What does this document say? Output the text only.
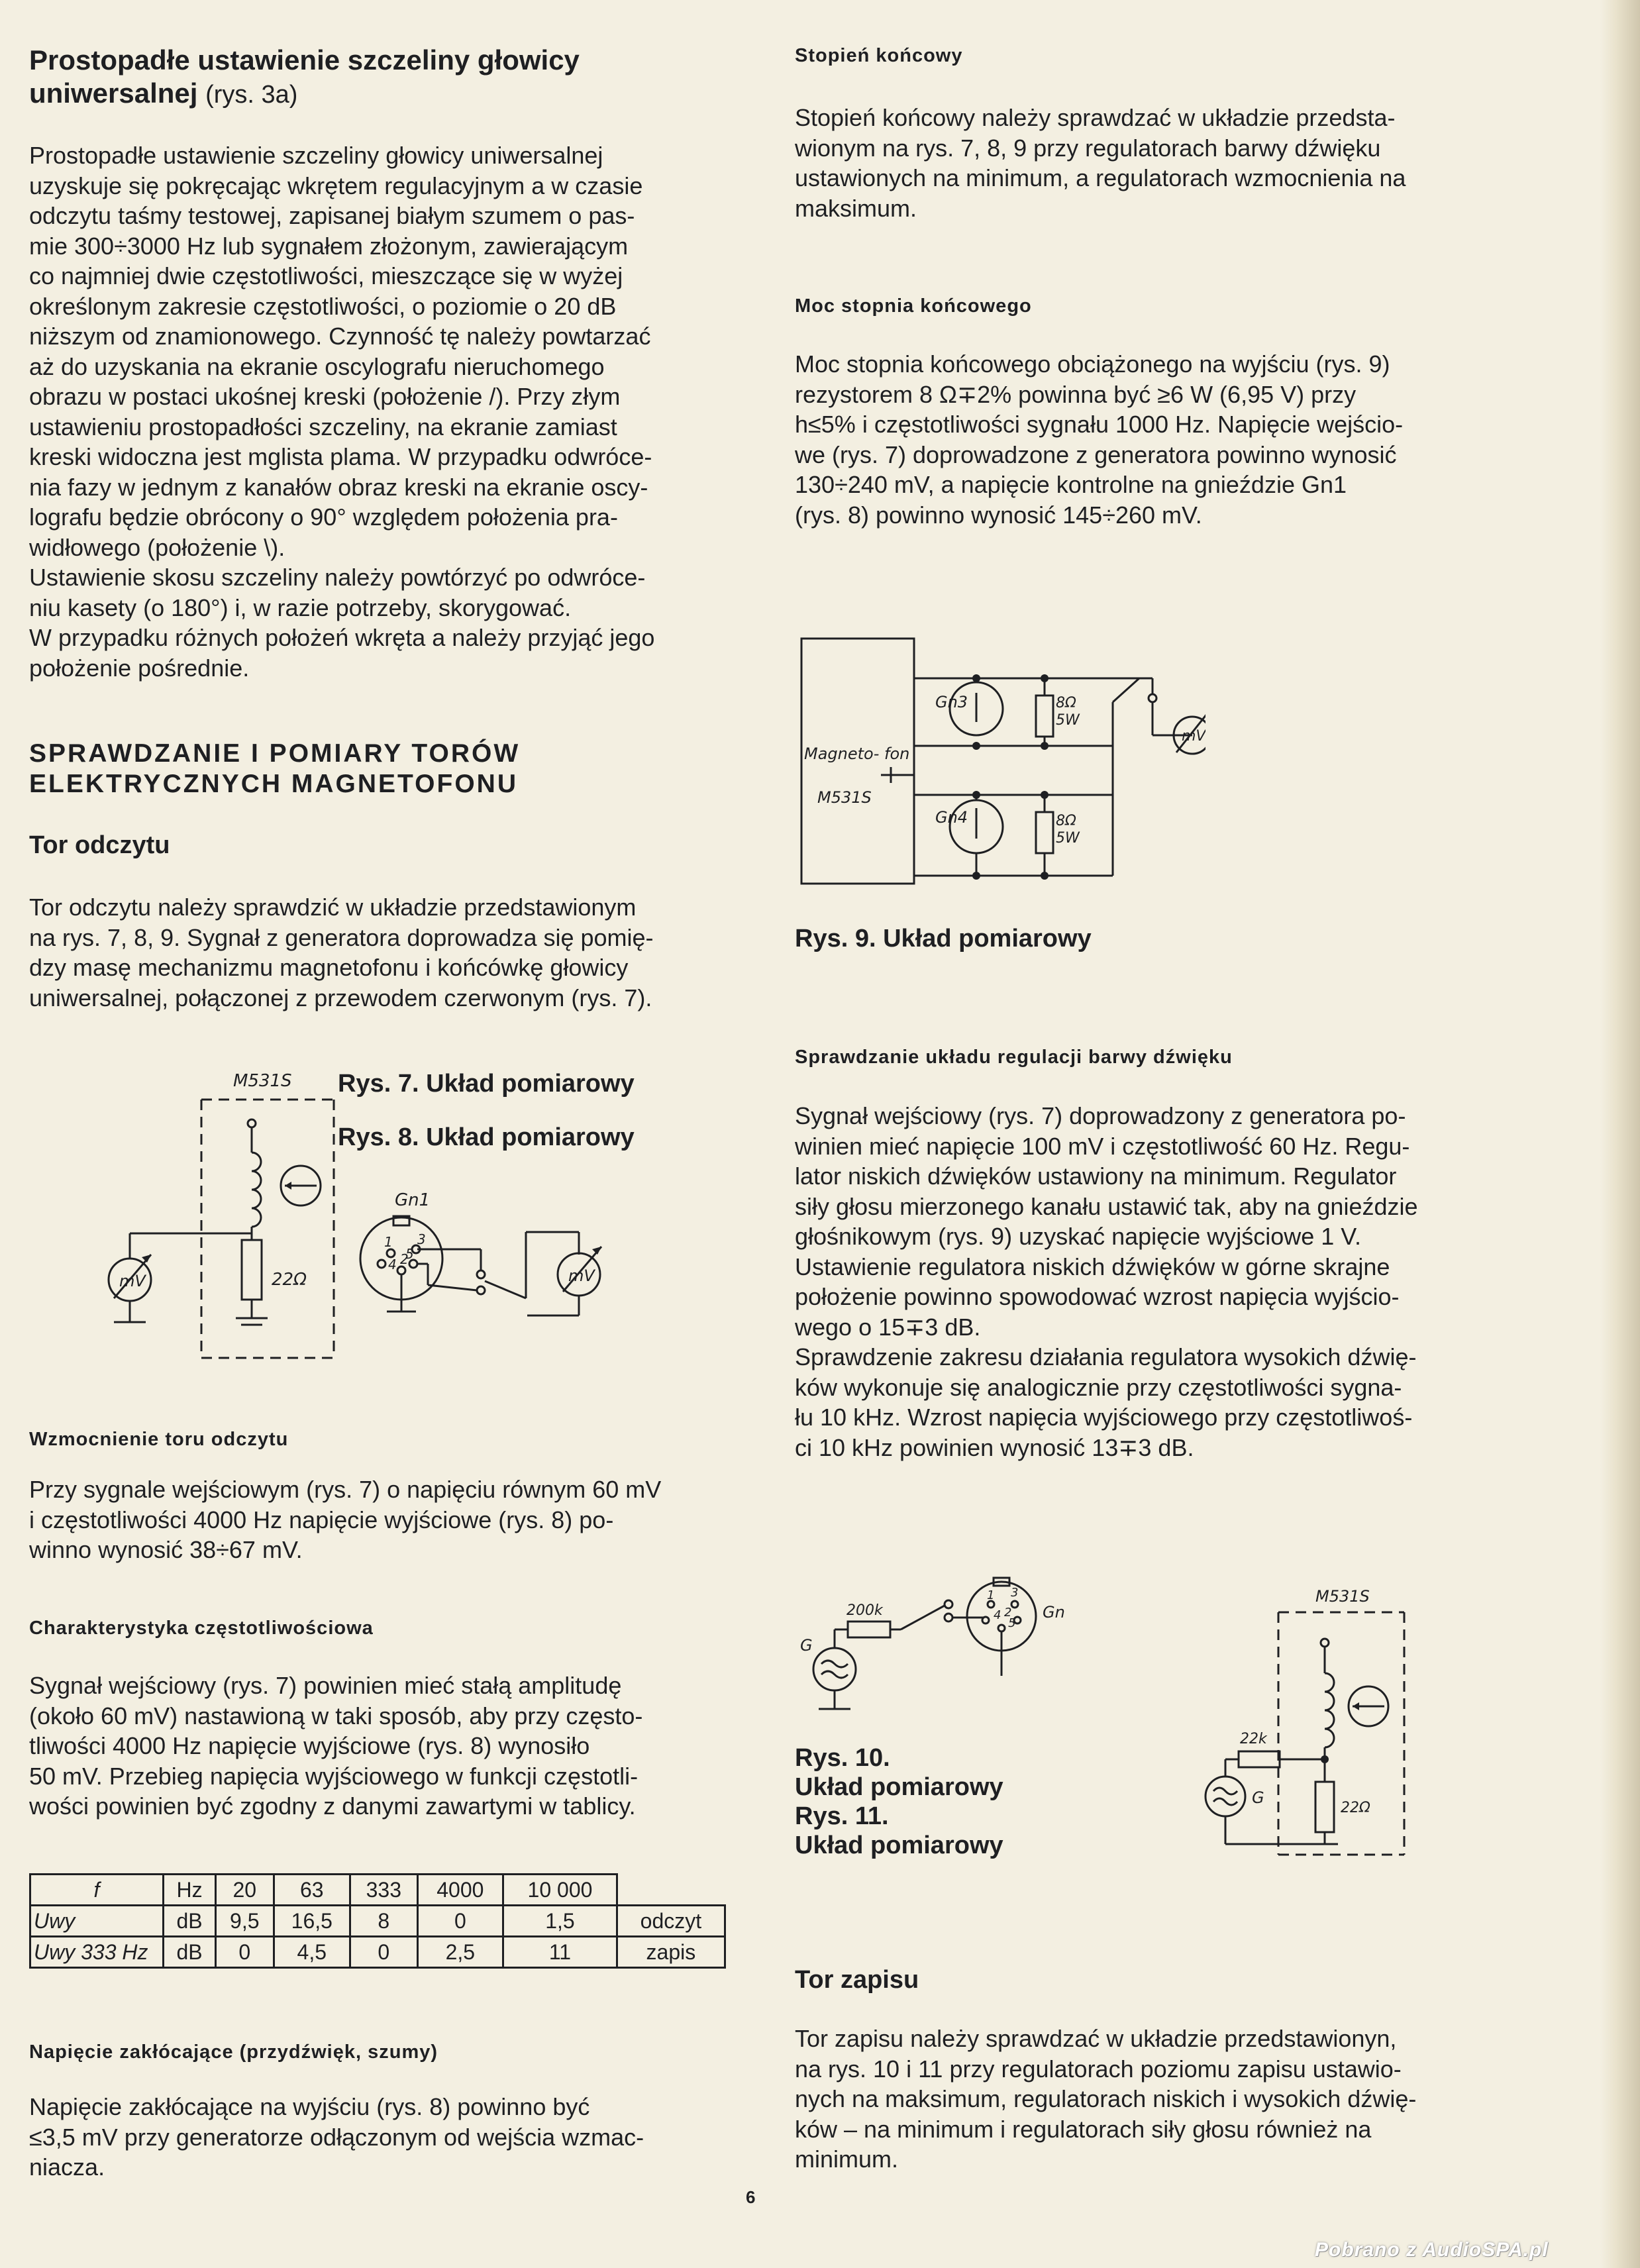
Prostopadłe ustawienie szczeliny głowicy uniwersalnej (rys. 3a)

Prostopadłe ustawienie szczeliny głowicy uniwersalnej
uzyskuje się pokręcając wkrętem regulacyjnym a w czasie
odczytu taśmy testowej, zapisanej białym szumem o pas-
mie 300÷3000 Hz lub sygnałem złożonym, zawierającym
co najmniej dwie częstotliwości, mieszczące się w wyżej
określonym zakresie częstotliwości, o poziomie o 20 dB
niższym od znamionowego. Czynność tę należy powtarzać
aż do uzyskania na ekranie oscylografu nieruchomego
obrazu w postaci ukośnej kreski (położenie /). Przy złym
ustawieniu prostopadłości szczeliny, na ekranie zamiast
kreski widoczna jest mglista plama. W przypadku odwróce-
nia fazy w jednym z kanałów obraz kreski na ekranie oscy-
lografu będzie obrócony o 90° względem położenia pra-
widłowego (położenie \).
Ustawienie skosu szczeliny należy powtórzyć po odwróce-
niu kasety (o 180°) i, w razie potrzeby, skorygować.
W przypadku różnych położeń wkręta a należy przyjąć jego
położenie pośrednie.

SPRAWDZANIE I POMIARY TORÓW ELEKTRYCZNYCH MAGNETOFONU

Tor odczytu

Tor odczytu należy sprawdzić w układzie przedstawionym
na rys. 7, 8, 9. Sygnał z generatora doprowadza się pomię-
dzy masę mechanizmu magnetofonu i końcówkę głowicy
uniwersalnej, połączonej z przewodem czerwonym (rys. 7).
M531S
22Ω
mV
Rys. 7. Układ pomiarowy
Rys. 8. Układ pomiarowy
Gn1
1 3
4 2
5
mV

Wzmocnienie toru odczytu

Przy sygnale wejściowym (rys. 7) o napięciu równym 60 mV
i częstotliwości 4000 Hz napięcie wyjściowe (rys. 8) po-
winno wynosić 38÷67 mV.

Charakterystyka częstotliwościowa

Sygnał wejściowy (rys. 7) powinien mieć stałą amplitudę
(około 60 mV) nastawioną w taki sposób, aby przy często-
tliwości 4000 Hz napięcie wyjściowe (rys. 8) wynosiło
50 mV. Przebieg napięcia wyjściowego w funkcji częstotli-
wości powinien być zgodny z danymi zawartymi w tablicy.
f	Hz	20	63	333	4000	10 000	
Uwy	dB	9,5	16,5	8	0	1,5	odczyt
Uwy 333 Hz	dB	0	4,5	0	2,5	11	zapis

Napięcie zakłócające (przydźwięk, szumy)

Napięcie zakłócające na wyjściu (rys. 8) powinno być
≤3,5 mV przy generatorze odłączonym od wejścia wzmac-
niacza.

Stopień końcowy

Stopień końcowy należy sprawdzać w układzie przedsta-
wionym na rys. 7, 8, 9 przy regulatorach barwy dźwięku
ustawionych na minimum, a regulatorach wzmocnienia na
maksimum.

Moc stopnia końcowego

Moc stopnia końcowego obciążonego na wyjściu (rys. 9)
rezystorem 8 Ω∓2% powinna być ≥6 W (6,95 V) przy
h≤5% i częstotliwości sygnału 1000 Hz. Napięcie wejścio-
we (rys. 7) doprowadzone z generatora powinno wynosić
130÷240 mV, a napięcie kontrolne na gnieździe Gn1
(rys. 8) powinno wynosić 145÷260 mV.
Gn3
Gn4
8Ω
5W
8Ω
5W
Magneto- fon
M531S
mV
Rys. 9. Układ pomiarowy

Sprawdzanie układu regulacji barwy dźwięku

Sygnał wejściowy (rys. 7) doprowadzony z generatora po-
winien mieć napięcie 100 mV i częstotliwość 60 Hz. Regu-
lator niskich dźwięków ustawiony na minimum. Regulator
siły głosu mierzonego kanału ustawić tak, aby na gnieździe
głośnikowym (rys. 9) uzyskać napięcie wyjściowe 1 V.
Ustawienie regulatora niskich dźwięków w górne skrajne
położenie powinno spowodować wzrost napięcia wyjścio-
wego o 15∓3 dB.
Sprawdzenie zakresu działania regulatora wysokich dźwię-
ków wykonuje się analogicznie przy częstotliwości sygna-
łu 10 kHz. Wzrost napięcia wyjściowego przy częstotliwoś-
ci 10 kHz powinien wynosić 13∓3 dB.
200k
G
Gn
1 3
4 2
5
M531S
22k
G
22Ω
Rys. 10.
Układ pomiarowy
Rys. 11.
Układ pomiarowy

Tor zapisu

Tor zapisu należy sprawdzać w układzie przedstawionyn,
na rys. 10 i 11 przy regulatorach poziomu zapisu ustawio-
nych na maksimum, regulatorach niskich i wysokich dźwię-
ków – na minimum i regulatorach siły głosu również na
minimum.
6
Pobrano z AudioSPA.pl
